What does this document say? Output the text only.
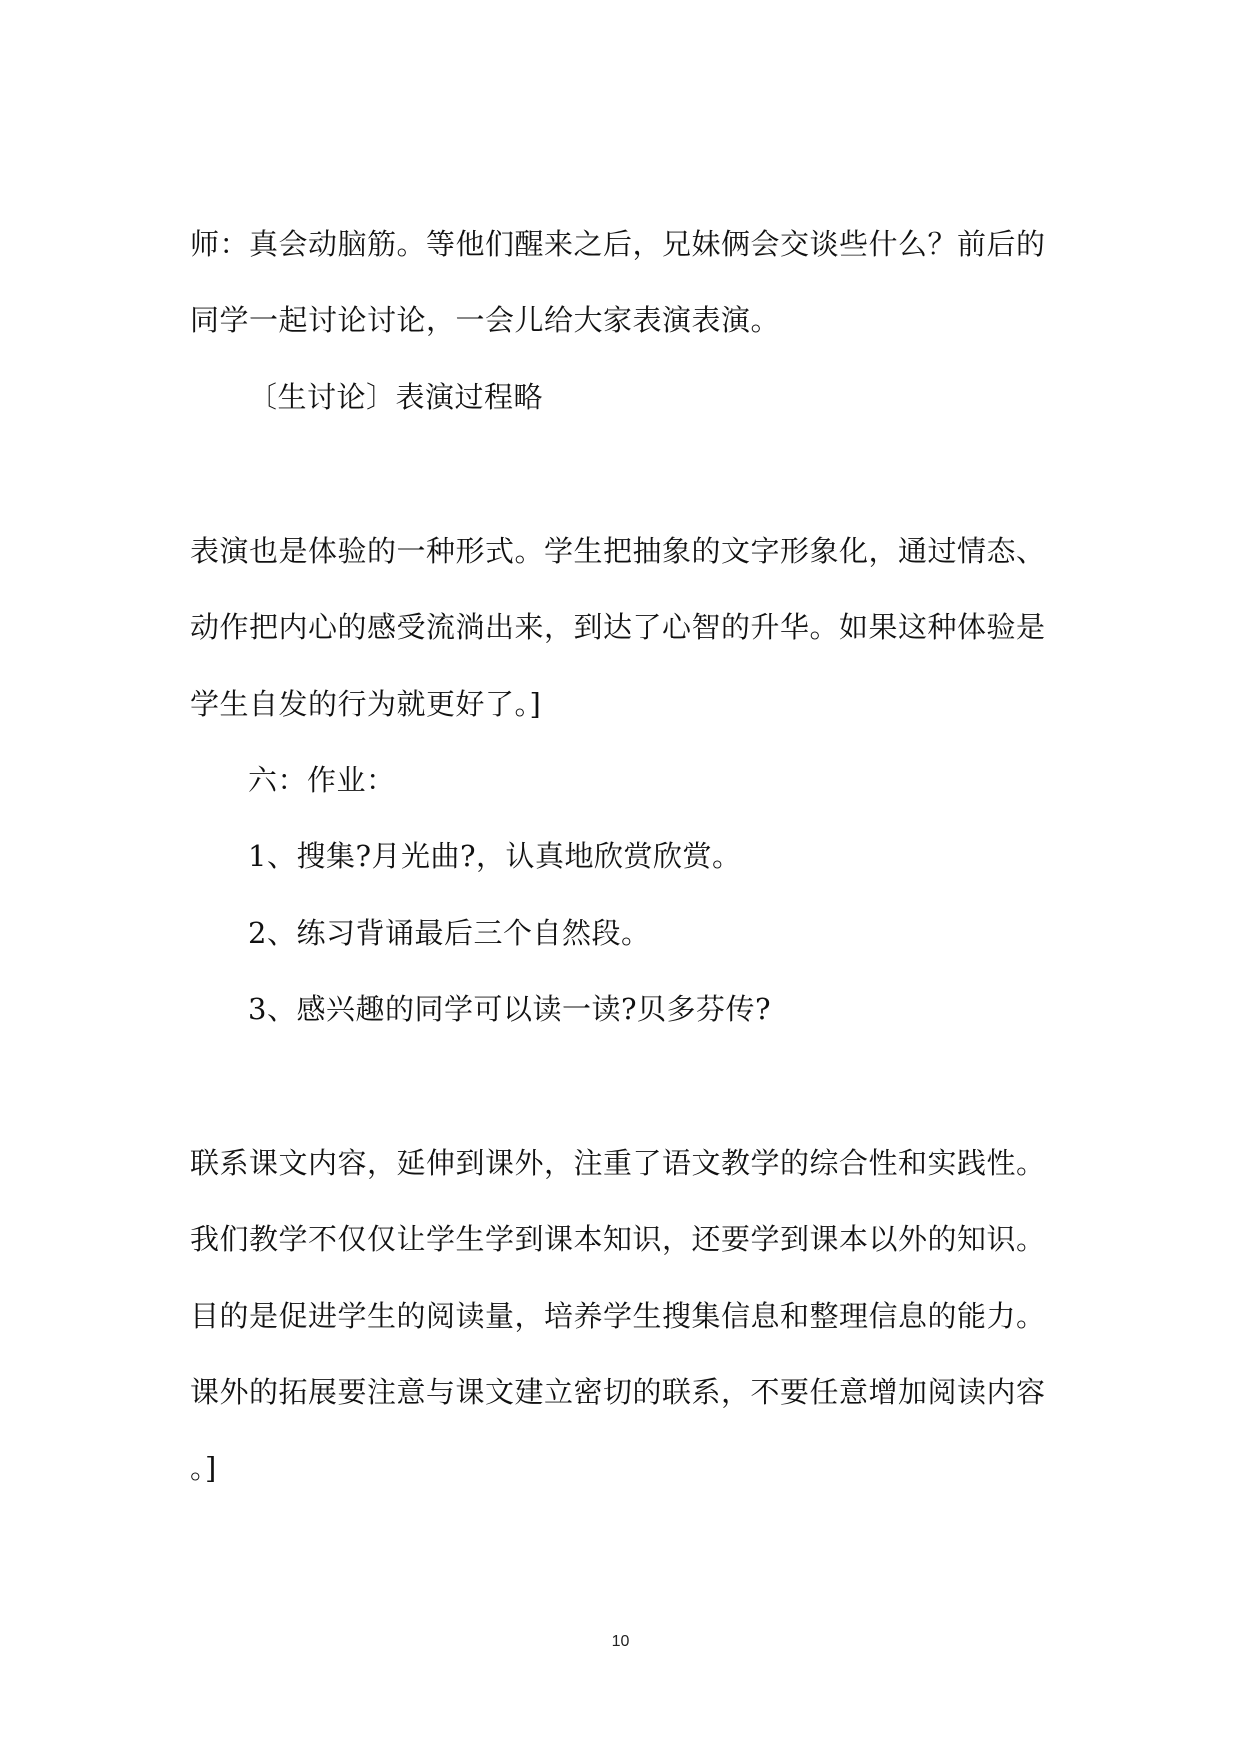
师：真会动脑筋。等他们醒来之后，兄妹俩会交谈些什么？前后的
同学一起讨论讨论，一会儿给大家表演表演。
〔生讨论〕表演过程略
表演也是体验的一种形式。学生把抽象的文字形象化，通过情态、
动作把内心的感受流淌出来，到达了心智的升华。如果这种体验是
学生自发的行为就更好了。]
六：作业：
1、搜集?月光曲?，认真地欣赏欣赏。
2、练习背诵最后三个自然段。
3、感兴趣的同学可以读一读?贝多芬传?
联系课文内容，延伸到课外，注重了语文教学的综合性和实践性。
我们教学不仅仅让学生学到课本知识，还要学到课本以外的知识。
目的是促进学生的阅读量，培养学生搜集信息和整理信息的能力。
课外的拓展要注意与课文建立密切的联系，不要任意增加阅读内容
。]
10
